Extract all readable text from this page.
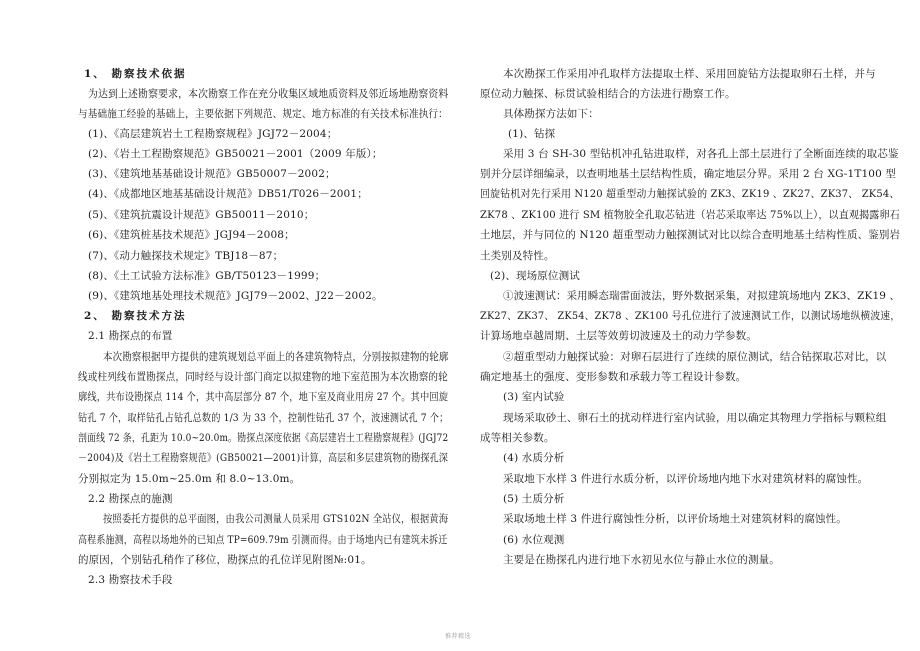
1、 勘察技术依据

为达到上述勘察要求，本次勘察工作在充分收集区域地质资料及邻近场地勘察资料

与基础施工经验的基础上，主要依据下列规范、规定、地方标准的有关技术标准执行：

(1)、《高层建筑岩土工程勘察规程》JGJ72－2004；

(2)、《岩土工程勘察规范》GB50021－2001（2009 年版）；

(3)、《建筑地基基础设计规范》GB50007－2002；

(4)、《成都地区地基基础设计规范》DB51/T026－2001；

(5)、《建筑抗震设计规范》GB50011－2010；

(6)、《建筑桩基技术规范》JGJ94－2008；

(7)、《动力触探技术规定》TBJ18－87；

(8)、《土工试验方法标准》GB/T50123－1999；

(9)、《建筑地基处理技术规范》JGJ79－2002、J22－2002。

2、 勘察技术方法

2.1 勘探点的布置

本次勘察根据甲方提供的建筑规划总平面上的各建筑物特点，分别按拟建物的轮廓

线或柱列线布置勘探点，同时经与设计部门商定以拟建物的地下室范围为本次勘察的轮

廓线，共布设勘探点 114 个，其中高层部分 87 个，地下室及商业用房 27 个。其中回旋

钻孔 7 个，取样钻孔占钻孔总数的 1/3 为 33 个，控制性钻孔 37 个，波速测试孔 7 个；

剖面线 72 条，孔距为 10.0~20.0m。勘探点深度依据《高层建岩土工程勘察规程》(JGJ72

－2004)及《岩土工程勘察规范》(GB50021—2001)计算，高层和多层建筑物的勘探孔深

分别拟定为 15.0m~25.0m 和 8.0~13.0m。

2.2 勘探点的施测

按照委托方提供的总平面图，由我公司测量人员采用 GTS102N 全站仪，根据黄海

高程系施测，高程以场地外的已知点 TP=609.79m 引测而得。由于场地内已有建筑未拆迁

的原因，个别钻孔稍作了移位，勘探点的孔位详见附图№:01。

2.3 勘察技术手段

本次勘探工作采用冲孔取样方法提取土样、采用回旋钻方法提取卵石土样，并与

原位动力触探、标贯试验相结合的方法进行勘察工作。

具体勘探方法如下：

(1)、钻探

采用 3 台 SH-30 型钻机冲孔钻进取样，对各孔上部土层进行了全断面连续的取芯鉴

别并分层详细编录，以查明地基土层结构性质，确定地层分界。采用 2 台 XG-1T100 型

回旋钻机对先行采用 N120 超重型动力触探试验的 ZK3、ZK19 、ZK27、ZK37、 ZK54、

ZK78 、ZK100 进行 SM 植物胶全孔取芯钻进（岩芯采取率达 75%以上），以直观揭露卵石

土地层，并与同位的 N120 超重型动力触探测试对比以综合查明地基土结构性质、鉴别岩

土类别及特性。

(2)、现场原位测试

①波速测试：采用瞬态瑞雷面波法，野外数据采集，对拟建筑场地内 ZK3、ZK19 、

ZK27、ZK37、 ZK54、ZK78 、ZK100 号孔位进行了波速测试工作，以测试场地纵横波速，

计算场地卓越周期、土层等效剪切波速及土的动力学参数。

②超重型动力触探试验：对卵石层进行了连续的原位测试，结合钻探取芯对比，以

确定地基土的强度、变形参数和承载力等工程设计参数。

(3) 室内试验

现场采取砂土、卵石土的扰动样进行室内试验，用以确定其物理力学指标与颗粒组

成等相关参数。

(4) 水质分析

采取地下水样 3 件进行水质分析，以评价场地内地下水对建筑材料的腐蚀性。

(5) 土质分析

采取场地土样 3 件进行腐蚀性分析，以评价场地土对建筑材料的腐蚀性。

(6) 水位观测

主要是在勘探孔内进行地下水初见水位与静止水位的测量。

推荐精选
